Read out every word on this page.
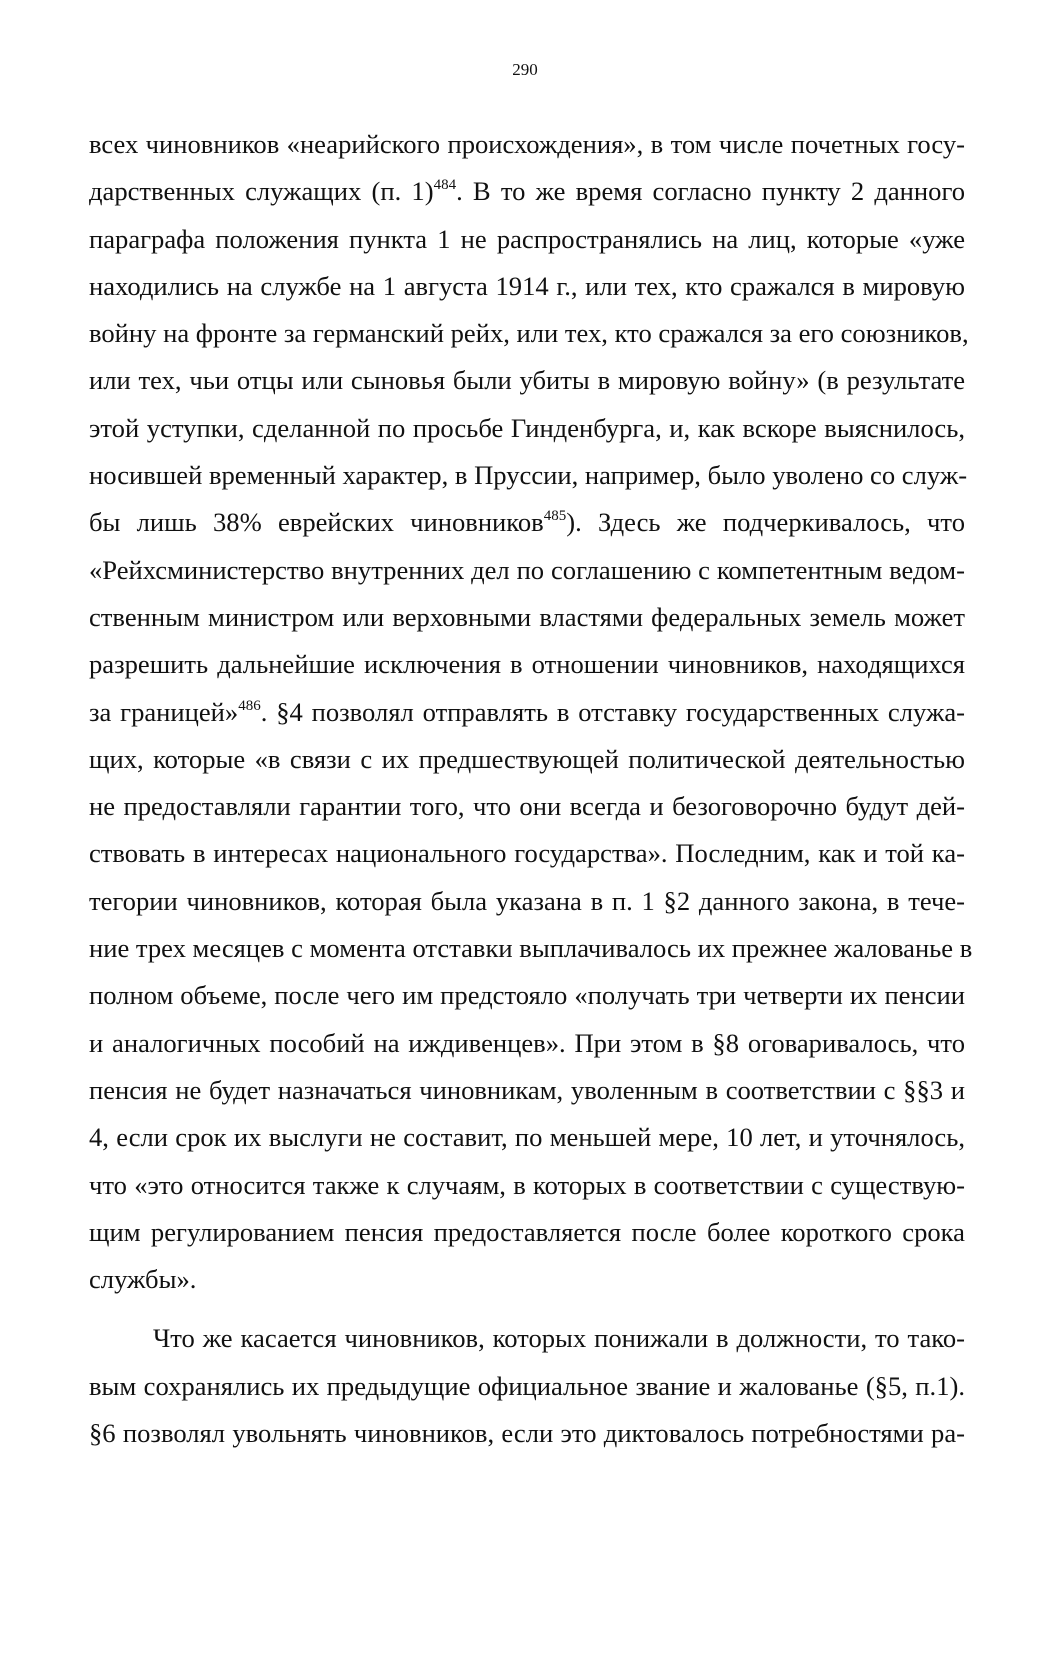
290
всех чиновников «неарийского происхождения», в том числе почетных госу-
дарственных служащих (п. 1)$^{484}$. В то же время согласно пункту 2 данного
параграфа положения пункта 1 не распространялись на лиц, которые «уже
находились на службе на 1 августа 1914 г., или тех, кто сражался в мировую
войну на фронте за германский рейх, или тех, кто сражался за его союзников,
или тех, чьи отцы или сыновья были убиты в мировую войну» (в результате
этой уступки, сделанной по просьбе Гинденбурга, и, как вскоре выяснилось,
носившей временный характер, в Пруссии, например, было уволено со служ-
бы лишь 38% еврейских чиновников$^{485}$). Здесь же подчеркивалось, что
«Рейхсминистерство внутренних дел по соглашению с компетентным ведом-
ственным министром или верховными властями федеральных земель может
разрешить дальнейшие исключения в отношении чиновников, находящихся
за границей»$^{486}$. §4 позволял отправлять в отставку государственных служа-
щих, которые «в связи с их предшествующей политической деятельностью
не предоставляли гарантии того, что они всегда и безоговорочно будут дей-
ствовать в интересах национального государства». Последним, как и той ка-
тегории чиновников, которая была указана в п. 1 §2 данного закона, в тече-
ние трех месяцев с момента отставки выплачивалось их прежнее жалованье в
полном объеме, после чего им предстояло «получать три четверти их пенсии
и аналогичных пособий на иждивенцев». При этом в §8 оговаривалось, что
пенсия не будет назначаться чиновникам, уволенным в соответствии с §§3 и
4, если срок их выслуги не составит, по меньшей мере, 10 лет, и уточнялось,
что «это относится также к случаям, в которых в соответствии с существую-
щим регулированием пенсия предоставляется после более короткого срока
службы».
Что же касается чиновников, которых понижали в должности, то тако-
вым сохранялись их предыдущие официальное звание и жалованье (§5, п.1).
§6 позволял увольнять чиновников, если это диктовалось потребностями ра-
